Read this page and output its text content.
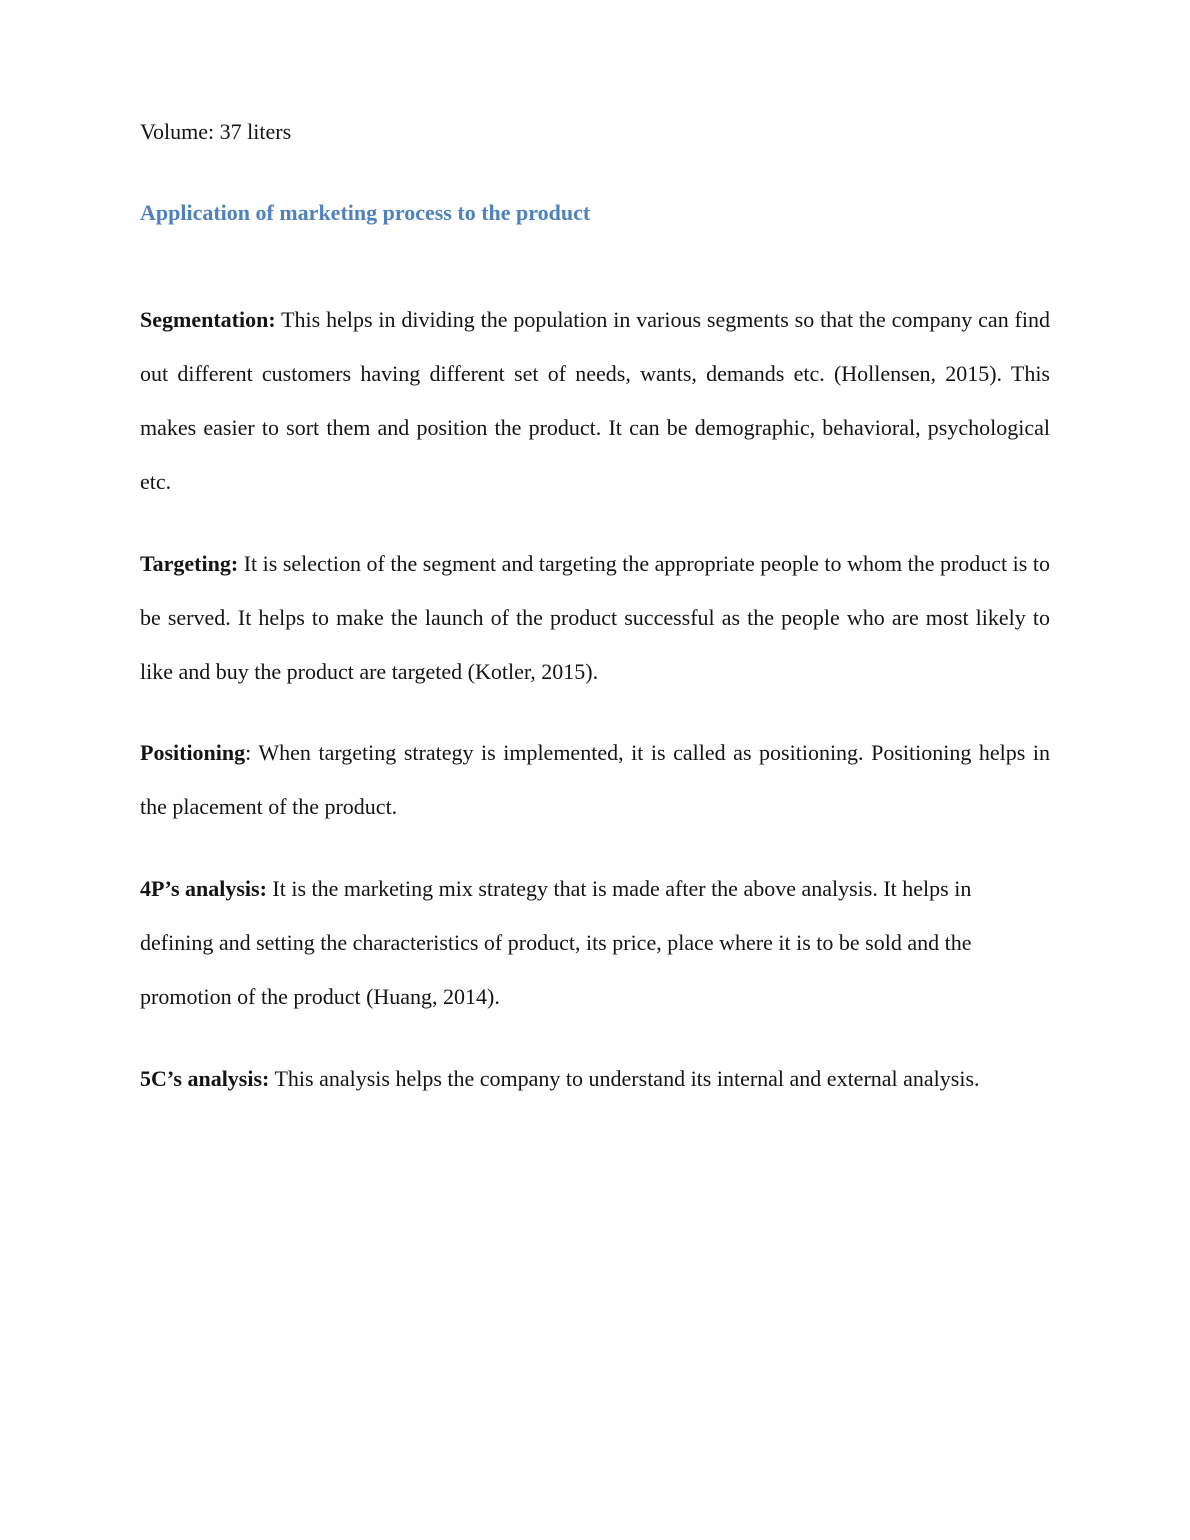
Volume: 37 liters

Application of marketing process to the product

Segmentation: This helps in dividing the population in various segments so that the company can find out different customers having different set of needs, wants, demands etc. (Hollensen, 2015). This makes easier to sort them and position the product. It can be demographic, behavioral, psychological etc.

Targeting: It is selection of the segment and targeting the appropriate people to whom the product is to be served. It helps to make the launch of the product successful as the people who are most likely to like and buy the product are targeted (Kotler, 2015).

Positioning: When targeting strategy is implemented, it is called as positioning. Positioning helps in the placement of the product.

4P’s analysis: It is the marketing mix strategy that is made after the above analysis. It helps in defining and setting the characteristics of product, its price, place where it is to be sold and the promotion of the product (Huang, 2014).

5C’s analysis: This analysis helps the company to understand its internal and external analysis.
